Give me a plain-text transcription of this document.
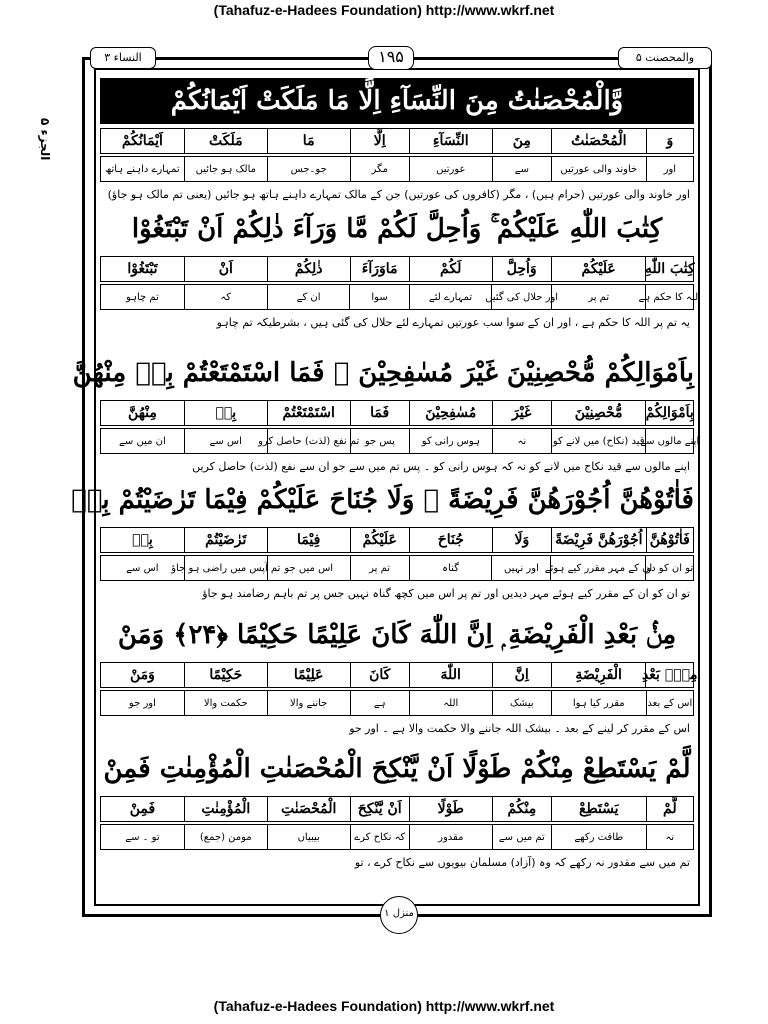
(Tahafuz-e-Hadees Foundation) http://www.wkrf.net
النساء ۳	۱۹۵	والمحصنت ۵
الجزء ۵
وَّالْمُحْصَنٰتُ مِنَ النِّسَآءِ اِلَّا مَا مَلَكَتْ اَيْمَانُكُمْ
وَ
الْمُحْصَنٰتُ
مِنَ
النِّسَآءِ
اِلَّا
مَا
مَلَكَتْ
اَيْمَانُكُمْ
اور
خاوند والی عورتیں
سے
عورتیں
مگر
جو۔جس
مالک ہو جائیں
تمہارے داہنے ہاتھ
اور خاوند والی عورتیں (حرام ہیں) ، مگر (کافروں کی عورتیں) جن کے مالک تمہارے داہنے ہاتھ ہو جائیں (یعنی تم مالک ہو جاؤ)
كِتٰبَ اللّٰهِ عَلَيْكُمْ ۚ وَاُحِلَّ لَكُمْ مَّا وَرَآءَ ذٰلِكُمْ اَنْ تَبْتَغُوْا
كِتٰبَ اللّٰهِ
عَلَيْكُمْ
وَاُحِلَّ
لَكُمْ
مَاوَرَآءَ
ذٰلِكُمْ
اَنْ
تَبْتَغُوْا
اللہ کا حکم ہے
تم پر
اور حلال کی گئیں
تمہارے لئے
سوا
ان کے
کہ
تم چاہو
یہ تم پر اللہ کا حکم ہے ، اور ان کے سوا سب عورتیں تمہارے لئے حلال کی گئی ہیں ، بشرطیکہ تم چاہو
بِاَمْوَالِكُمْ مُّحْصِنِيْنَ غَيْرَ مُسٰفِحِيْنَ ۚ فَمَا اسْتَمْتَعْتُمْ بِهٖ مِنْهُنَّ
بِاَمْوَالِكُمْ
مُّحْصِنِيْنَ
غَيْرَ
مُسٰفِحِيْنَ
فَمَا
اسْتَمْتَعْتُمْ
بِهٖ
مِنْهُنَّ
اپنے مالوں سے
قید (نکاح) میں لانے کو
نہ
ہوس رانی کو
پس جو
تم نفع (لذت) حاصل کرو
اس سے
ان میں سے
اپنے مالوں سے قید نکاح میں لانے کو نہ کہ ہوس رانی کو ۔ پس تم میں سے جو ان سے نفع (لذت) حاصل کریں
فَاٰتُوْهُنَّ اُجُوْرَهُنَّ فَرِيْضَةً ۚ وَلَا جُنَاحَ عَلَيْكُمْ فِيْمَا تَرٰضَيْتُمْ بِهٖ
فَاٰتُوْهُنَّ
اُجُوْرَهُنَّ فَرِيْضَةً
وَلَا
جُنَاحَ
عَلَيْكُمْ
فِيْمَا
تَرٰضَيْتُمْ
بِهٖ
تو ان کو دو
ان کے مہر مقرر کیے ہوئے
اور نہیں
گناہ
تم پر
اس میں جو
تم آپس میں راضی ہو جاؤ
اس سے
تو ان کو ان کے مقرر کیے ہوئے مہر دیدیں اور تم پر اس میں کچھ گناہ نہیں جس پر تم باہم رضامند ہو جاؤ
مِنْۢ بَعْدِ الْفَرِيْضَةِ ۭ اِنَّ اللّٰهَ كَانَ عَلِيْمًا حَكِيْمًا ﴿۲۴﴾ وَمَنْ
مِنْۢ بَعْدِ
الْفَرِيْضَةِ
اِنَّ
اللّٰهَ
كَانَ
عَلِيْمًا
حَكِيْمًا
وَمَنْ
اس کے بعد
مقرر کیا ہوا
بیشک
اللہ
ہے
جاننے والا
حکمت والا
اور جو
اس کے مقرر کر لینے کے بعد ۔ بیشک اللہ جاننے والا حکمت والا ہے ۔ اور جو
لَّمْ يَسْتَطِعْ مِنْكُمْ طَوْلًا اَنْ يَّنْكِحَ الْمُحْصَنٰتِ الْمُؤْمِنٰتِ فَمِنْ
لَّمْ
يَسْتَطِعْ
مِنْكُمْ
طَوْلًا
اَنْ يَّنْكِحَ
الْمُحْصَنٰتِ
الْمُؤْمِنٰتِ
فَمِنْ
نہ
طاقت رکھے
تم میں سے
مقدور
کہ نکاح کرے
بیبیاں
مومن (جمع)
تو ۔ سے
تم میں سے مقدور نہ رکھے کہ وہ (آزاد) مسلمان بیویوں سے نکاح کرے ، تو
منزل ۱
(Tahafuz-e-Hadees Foundation) http://www.wkrf.net
